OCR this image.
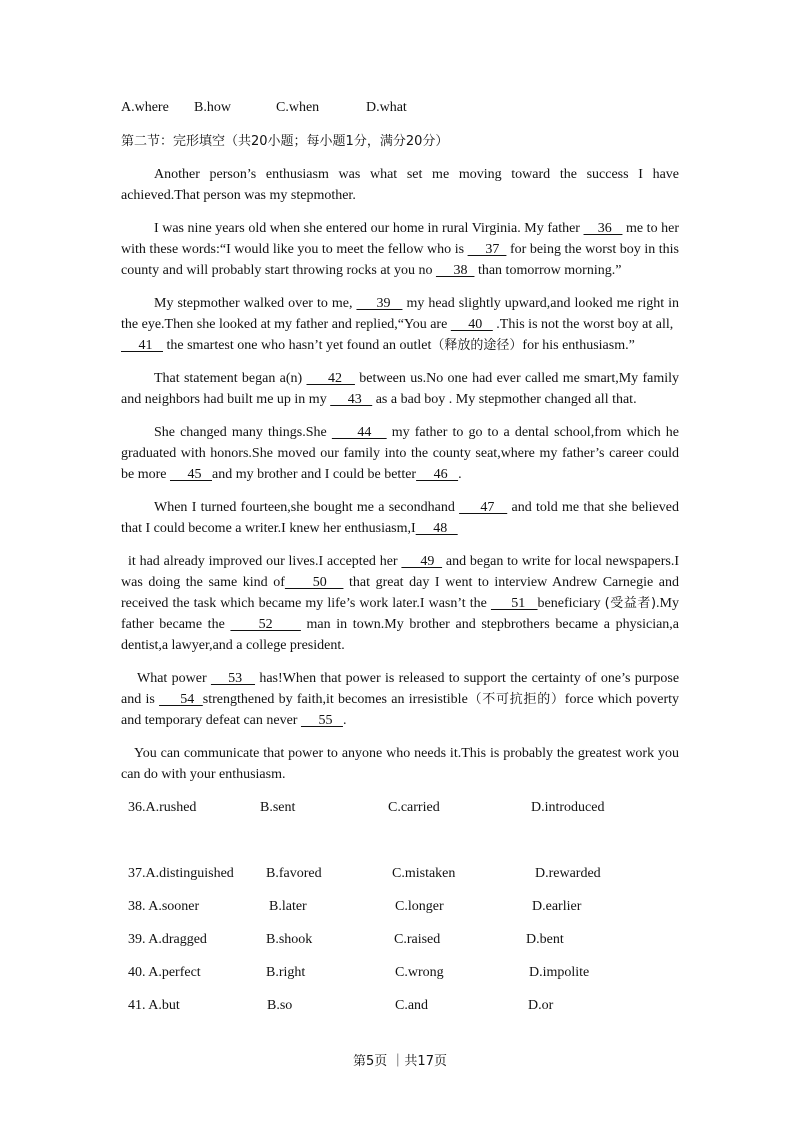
A.where B.how	C.when	D.what
第二节：完形填空（共20小题；每小题1分，满分20分）
Another person’s enthusiasm was what set me moving toward the success I have
achieved.That person was my stepmother.
I was nine years old when she entered our home in rural Virginia. My father     36    me to her
with these words:“I would like you to meet the fellow who is      37   for being the worst boy in this
county and will probably start throwing rocks at you no      38   than tomorrow morning.”
My stepmother walked over to me,      39    my head slightly upward,and looked me right in
the eye.Then she looked at my father and replied,“You are      40    .This is not the worst boy at all,
41    the smartest one who hasn’t yet found an outlet（释放的途径）for his enthusiasm.”
That statement began a(n)      42    between us.No one had ever called me smart,My family
and neighbors had built me up in my      43    as a bad boy . My stepmother changed all that.
She changed many things.She      44    my father to go to a dental school,from which he
graduated with honors.She moved our family into the county seat,where my father’s career could
be more      45   and my brother and I could be better     46   .
When I turned fourteen,she bought me a secondhand      47    and told me that she believed
that I could become a writer.I knew her enthusiasm,I     48
it had already improved our lives.I accepted her      49   and began to write for local newspapers.I
was doing the same kind of     50    that great day I went to interview Andrew Carnegie and
received the task which became my life’s work later.I wasn’t the      51   beneficiary (受益者).My
father became the      52      man in town.My brother and stepbrothers became a physician,a
dentist,a lawyer,and a college president.
What power     53    has!When that power is released to support the certainty of one’s purpose
and is      54  strengthened by faith,it becomes an irresistible（不可抗拒的）force which poverty
and temporary defeat can never      55   .
You can communicate that power to anyone who needs it.This is probably the greatest work you
can do with your enthusiasm.
36.A.rushed	B.sent	C.carried	D.introduced
37.A.distinguished B.favored	C.mistaken	D.rewarded
38. A.sooner	B.later	C.longer	D.earlier
39. A.dragged	B.shook	C.raised	D.bent
40. A.perfect	B.right	C.wrong	D.impolite
41. A.but	B.so	C.and	D.or
第5页 ｜共17页
